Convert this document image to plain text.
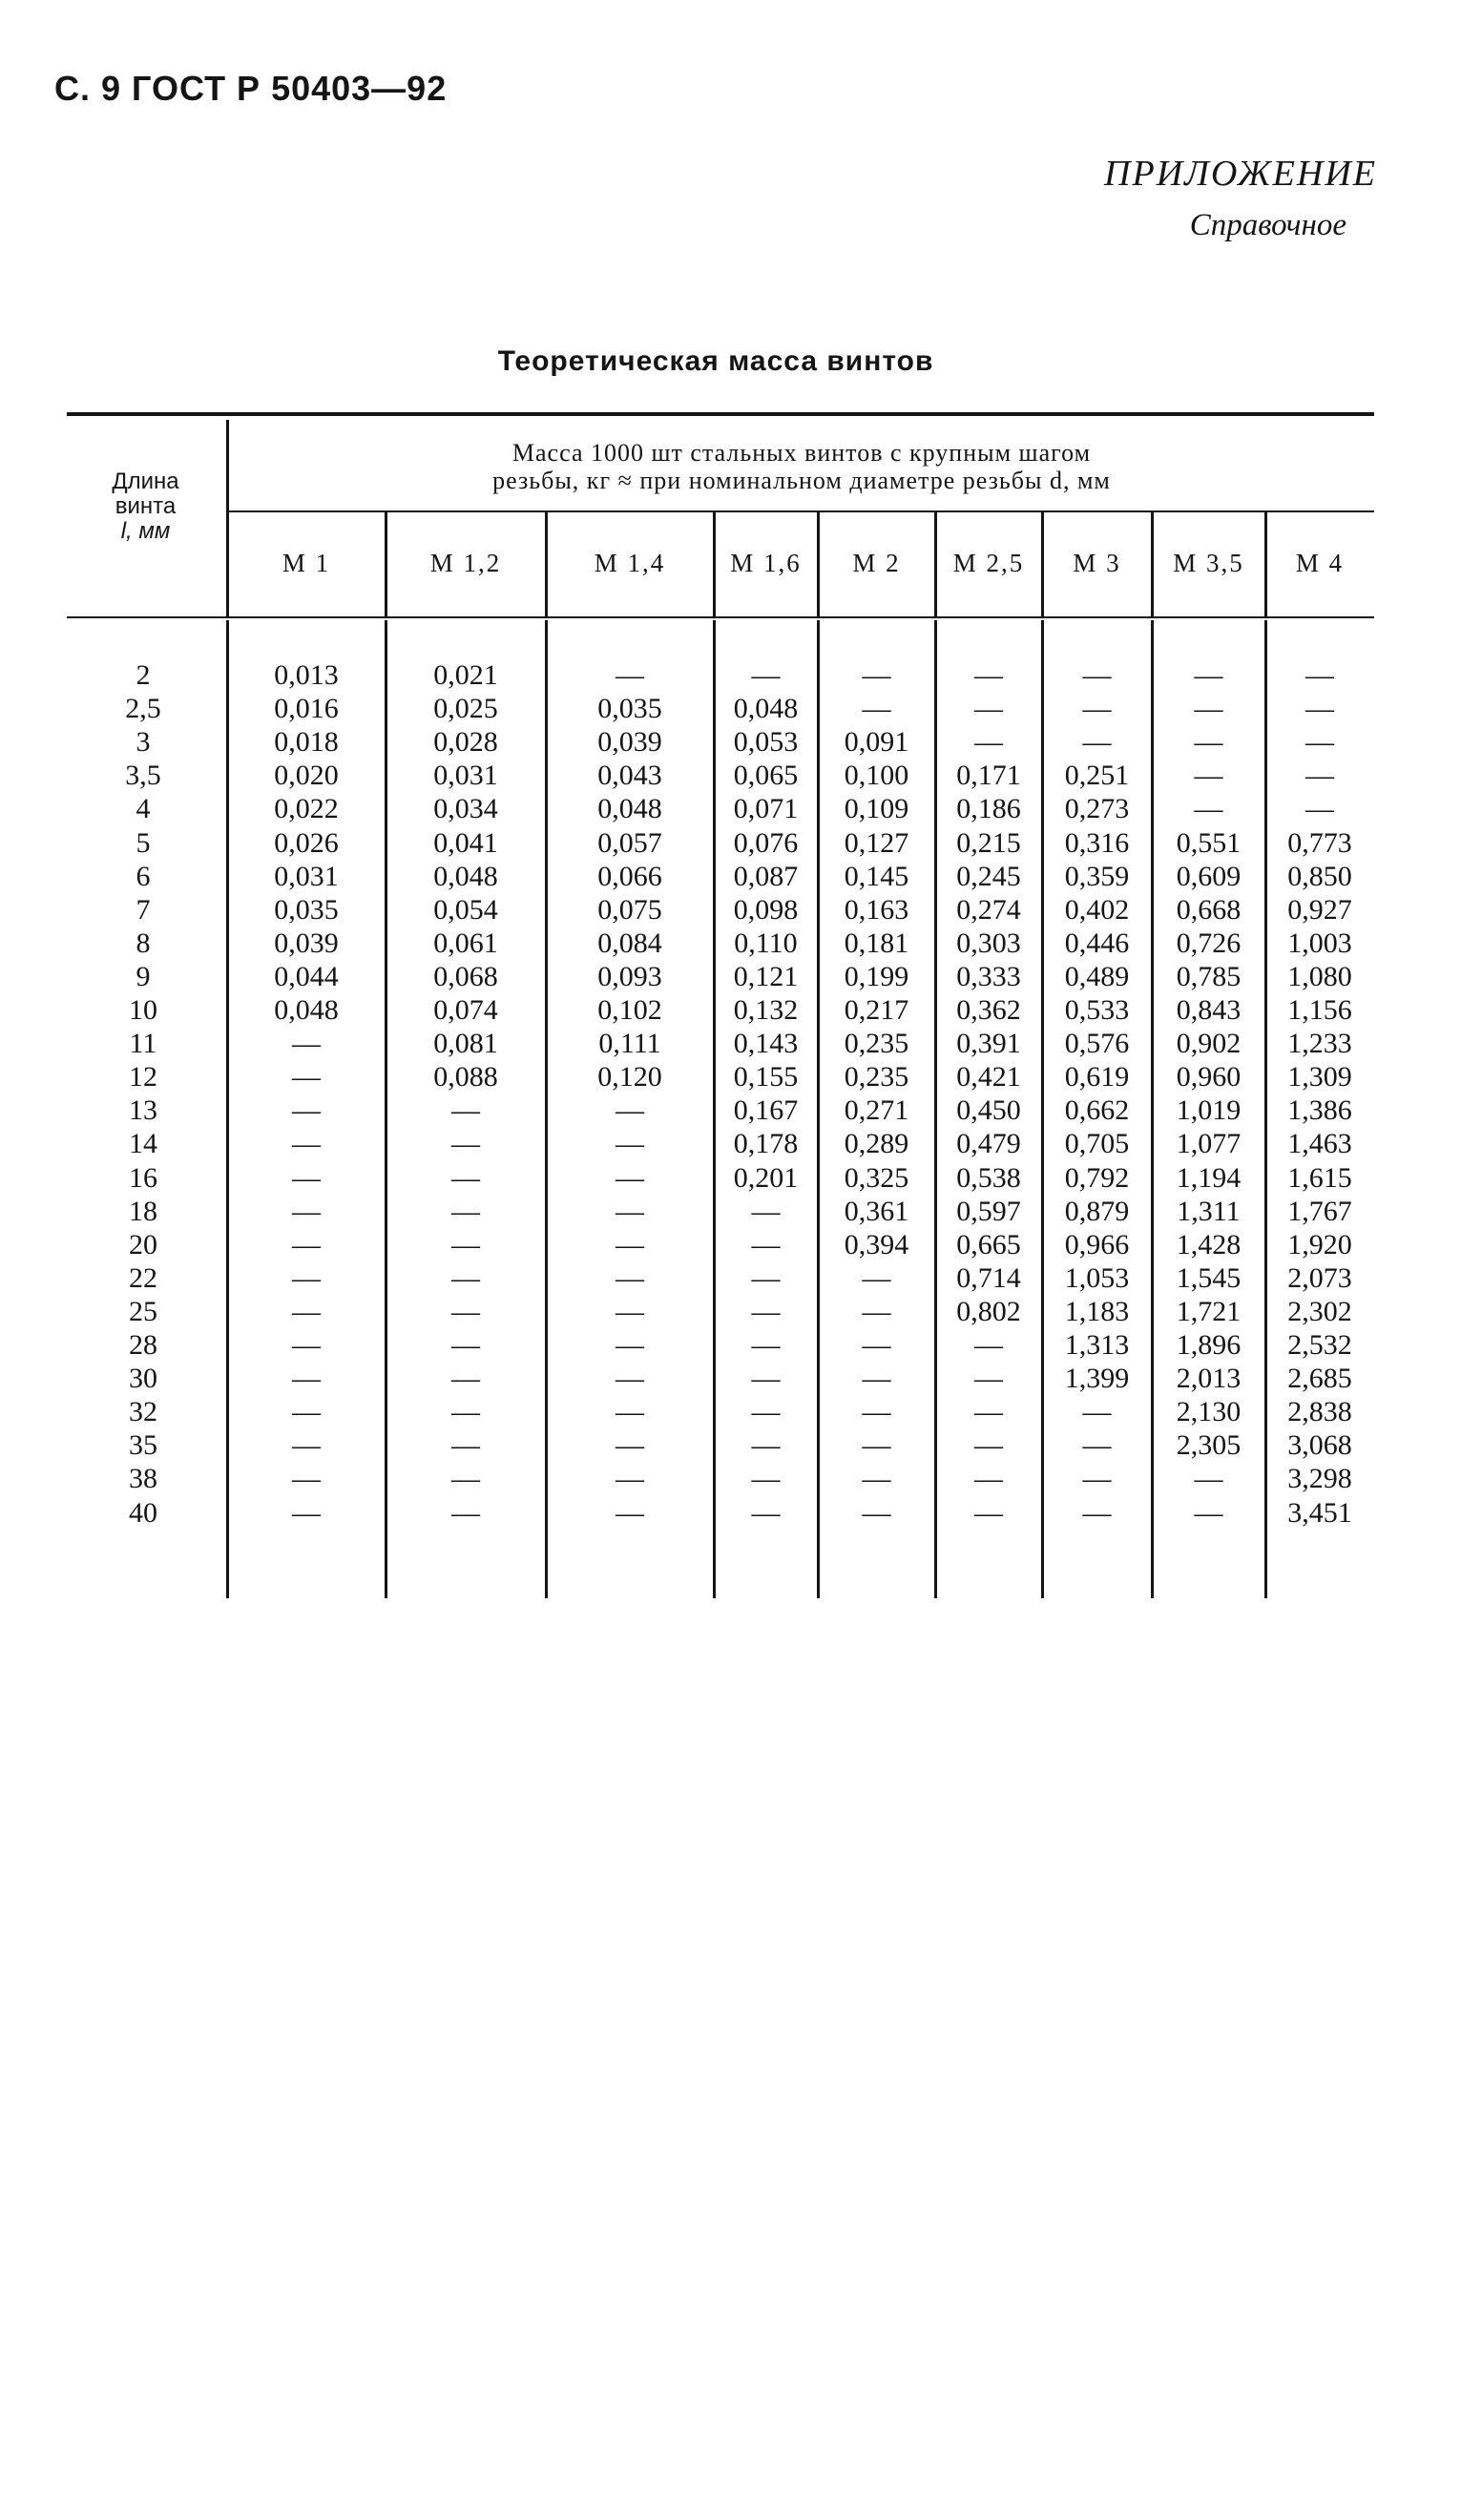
С. 9 ГОСТ Р 50403—92
ПРИЛОЖЕНИЕ
Справочное
Теоретическая масса винтов
Длина
винта
l, мм
Масса 1000 шт стальных винтов с крупным шагом
резьбы, кг ≈ при номинальном диаметре резьбы d, мм
М 1	М 1,2	М 1,4	М 1,6	М 2	М 2,5	М 3	М 3,5	М 4
2	0,013	0,021	—	—	—	—	—	—	—
2,5	0,016	0,025	0,035	0,048	—	—	—	—	—
3	0,018	0,028	0,039	0,053	0,091	—	—	—	—
3,5	0,020	0,031	0,043	0,065	0,100	0,171	0,251	—	—
4	0,022	0,034	0,048	0,071	0,109	0,186	0,273	—	—
5	0,026	0,041	0,057	0,076	0,127	0,215	0,316	0,551	0,773
6	0,031	0,048	0,066	0,087	0,145	0,245	0,359	0,609	0,850
7	0,035	0,054	0,075	0,098	0,163	0,274	0,402	0,668	0,927
8	0,039	0,061	0,084	0,110	0,181	0,303	0,446	0,726	1,003
9	0,044	0,068	0,093	0,121	0,199	0,333	0,489	0,785	1,080
10	0,048	0,074	0,102	0,132	0,217	0,362	0,533	0,843	1,156
11	—	0,081	0,111	0,143	0,235	0,391	0,576	0,902	1,233
12	—	0,088	0,120	0,155	0,235	0,421	0,619	0,960	1,309
13	—	—	—	0,167	0,271	0,450	0,662	1,019	1,386
14	—	—	—	0,178	0,289	0,479	0,705	1,077	1,463
16	—	—	—	0,201	0,325	0,538	0,792	1,194	1,615
18	—	—	—	—	0,361	0,597	0,879	1,311	1,767
20	—	—	—	—	0,394	0,665	0,966	1,428	1,920
22	—	—	—	—	—	0,714	1,053	1,545	2,073
25	—	—	—	—	—	0,802	1,183	1,721	2,302
28	—	—	—	—	—	—	1,313	1,896	2,532
30	—	—	—	—	—	—	1,399	2,013	2,685
32	—	—	—	—	—	—	—	2,130	2,838
35	—	—	—	—	—	—	—	2,305	3,068
38	—	—	—	—	—	—	—	—	3,298
40	—	—	—	—	—	—	—	—	3,451
